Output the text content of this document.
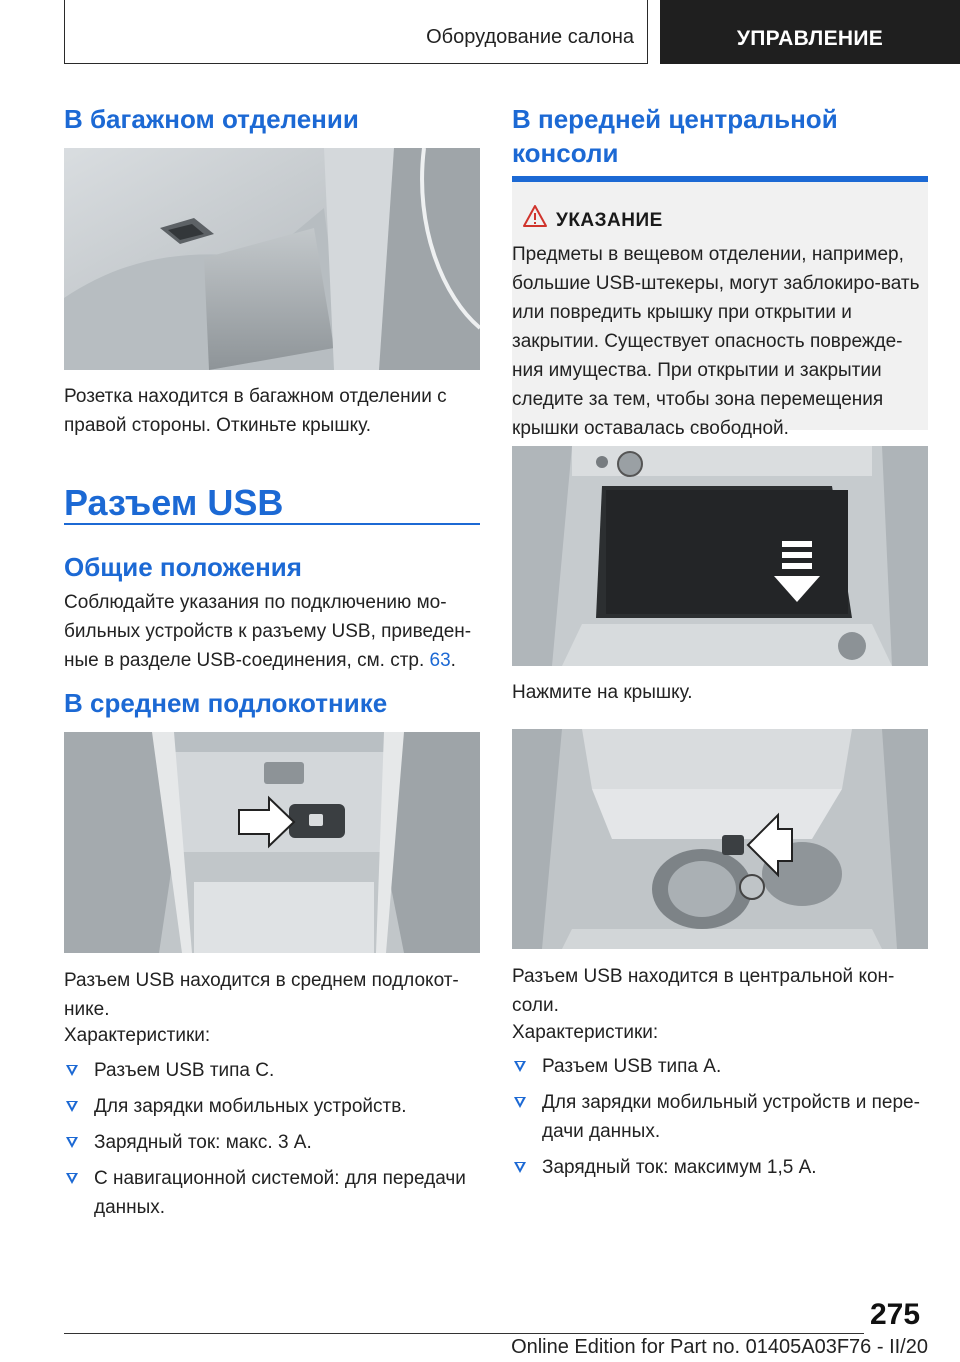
Оборудование салона	УПРАВЛЕНИЕ
В багажном отделении

Розетка находится в багажном отделении с правой стороны. Откиньте крышку.

Разъем USB
Общие положения

Соблюдайте указания по подключению мо-бильных устройств к разъему USB, приведен-ные в разделе USB-соединения, см. стр. 63.

В среднем подлокотнике

Разъем USB находится в среднем подлокот-нике.

Характеристики:

Разъем USB типа C.
Для зарядки мобильных устройств.
Зарядный ток: макс. 3 A.
С навигационной системой: для передачи данных.
В передней центральной консоли
УКАЗАНИЕ

Предметы в вещевом отделении, например, большие USB-штекеры, могут заблокиро-вать или повредить крышку при открытии и закрытии. Существует опасность поврежде-ния имущества. При открытии и закрытии следите за тем, чтобы зона перемещения крышки оставалась свободной.

Нажмите на крышку.

Разъем USB находится в центральной кон-соли.

Характеристики:

Разъем USB типа A.
Для зарядки мобильный устройств и пере-дачи данных.
Зарядный ток: максимум 1,5 A.
275
Online Edition for Part no. 01405A03F76 - II/20
